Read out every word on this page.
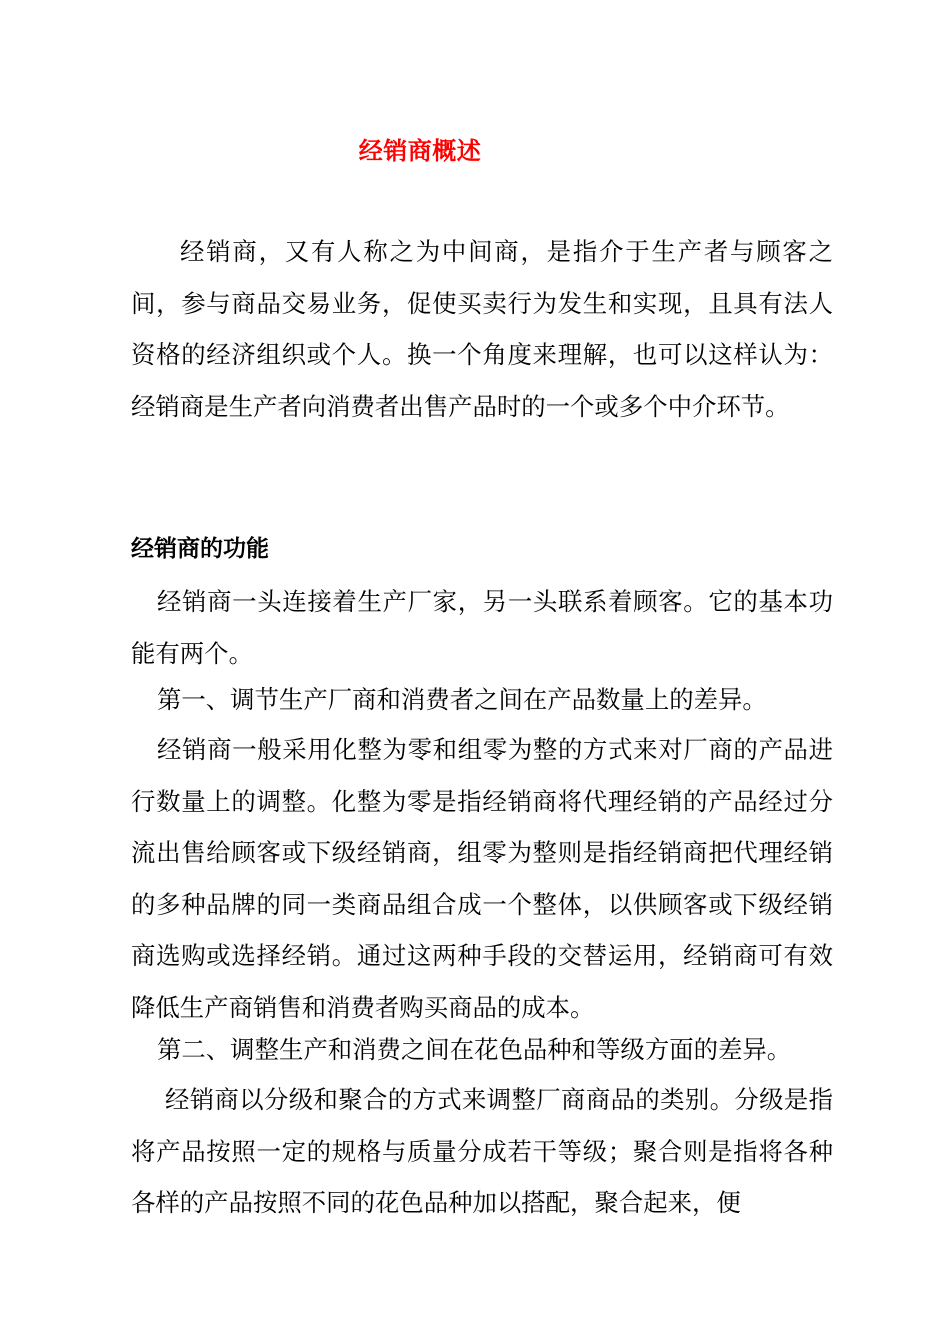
经销商概述

经销商，又有人称之为中间商，是指介于生产者与顾客之间，参与商品交易业务，促使买卖行为发生和实现，且具有法人资格的经济组织或个人。换一个角度来理解，也可以这样认为：经销商是生产者向消费者出售产品时的一个或多个中介环节。

经销商的功能

经销商一头连接着生产厂家，另一头联系着顾客。它的基本功能有两个。

第一、调节生产厂商和消费者之间在产品数量上的差异。

经销商一般采用化整为零和组零为整的方式来对厂商的产品进行数量上的调整。化整为零是指经销商将代理经销的产品经过分流出售给顾客或下级经销商，组零为整则是指经销商把代理经销的多种品牌的同一类商品组合成一个整体，以供顾客或下级经销商选购或选择经销。通过这两种手段的交替运用，经销商可有效降低生产商销售和消费者购买商品的成本。

第二、调整生产和消费之间在花色品种和等级方面的差异。

经销商以分级和聚合的方式来调整厂商商品的类别。分级是指将产品按照一定的规格与质量分成若干等级；聚合则是指将各种各样的产品按照不同的花色品种加以搭配，聚合起来，便
